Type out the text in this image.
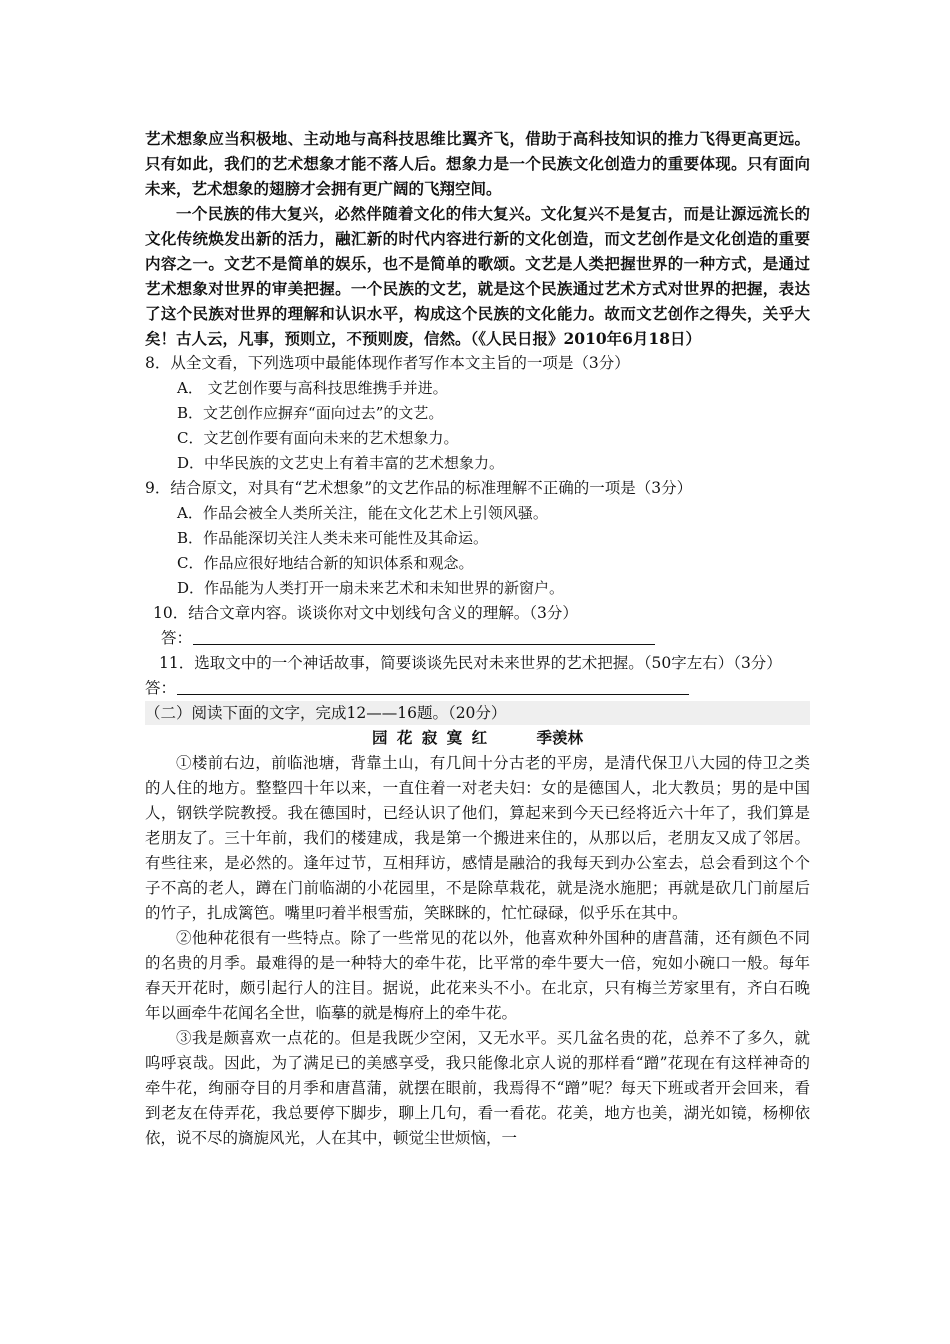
艺术想象应当积极地、主动地与高科技思维比翼齐飞，借助于高科技知识的推力飞得更高更远。只有如此，我们的艺术想象才能不落人后。想象力是一个民族文化创造力的重要体现。只有面向未来，艺术想象的翅膀才会拥有更广阔的飞翔空间。

一个民族的伟大复兴，必然伴随着文化的伟大复兴。文化复兴不是复古，而是让源远流长的文化传统焕发出新的活力，融汇新的时代内容进行新的文化创造，而文艺创作是文化创造的重要内容之一。文艺不是简单的娱乐，也不是简单的歌颂。文艺是人类把握世界的一种方式，是通过艺术想象对世界的审美把握。一个民族的文艺，就是这个民族通过艺术方式对世界的把握，表达了这个民族对世界的理解和认识水平，构成这个民族的文化能力。故而文艺创作之得失，关乎大矣！古人云，凡事，预则立，不预则废，信然。（《人民日报》2010年6月18日）

8．从全文看，下列选项中最能体现作者写作本文主旨的一项是（3分）

A． 文艺创作要与高科技思维携手并进。

B．文艺创作应摒弃“面向过去”的文艺。

C．文艺创作要有面向未来的艺术想象力。

D．中华民族的文艺史上有着丰富的艺术想象力。

9．结合原文，对具有“艺术想象”的文艺作品的标准理解不正确的一项是（3分）

A．作品会被全人类所关注，能在文化艺术上引领风骚。

B．作品能深切关注人类未来可能性及其命运。

C．作品应很好地结合新的知识体系和观念。

D．作品能为人类打开一扇未来艺术和未知世界的新窗户。

10．结合文章内容。谈谈你对文中划线句含义的理解。（3分）

答：

11．选取文中的一个神话故事，简要谈谈先民对未来世界的艺术把握。（50字左右）（3分）

答：

（二）阅读下面的文字，完成12——16题。（20分）

园 花 寂 寞 红	季羡林

①楼前右边，前临池塘，背靠土山，有几间十分古老的平房，是清代保卫八大园的侍卫之类的人住的地方。整整四十年以来，一直住着一对老夫妇：女的是德国人，北大教员；男的是中国人，钢铁学院教授。我在德国时，已经认识了他们，算起来到今天已经将近六十年了，我们算是老朋友了。三十年前，我们的楼建成，我是第一个搬进来住的，从那以后，老朋友又成了邻居。有些往来，是必然的。逢年过节，互相拜访，感情是融洽的我每天到办公室去，总会看到这个个子不高的老人，蹲在门前临湖的小花园里，不是除草栽花，就是浇水施肥；再就是砍几门前屋后的竹子，扎成篱笆。嘴里叼着半根雪茄，笑眯眯的，忙忙碌碌，似乎乐在其中。

②他种花很有一些特点。除了一些常见的花以外，他喜欢种外国种的唐菖蒲，还有颜色不同的名贵的月季。最难得的是一种特大的牵牛花，比平常的牵牛要大一倍，宛如小碗口一般。每年春天开花时，颇引起行人的注目。据说，此花来头不小。在北京，只有梅兰芳家里有，齐白石晚年以画牵牛花闻名全世，临摹的就是梅府上的牵牛花。

③我是颇喜欢一点花的。但是我既少空闲，又无水平。买几盆名贵的花，总养不了多久，就呜呼哀哉。因此，为了满足已的美感享受，我只能像北京人说的那样看“蹭”花现在有这样神奇的牵牛花，绚丽夺目的月季和唐菖蒲，就摆在眼前，我焉得不“蹭”呢？每天下班或者开会回来，看到老友在侍弄花，我总要停下脚步，聊上几句，看一看花。花美，地方也美，湖光如镜，杨柳依依，说不尽的旖旎风光，人在其中，顿觉尘世烦恼，一
